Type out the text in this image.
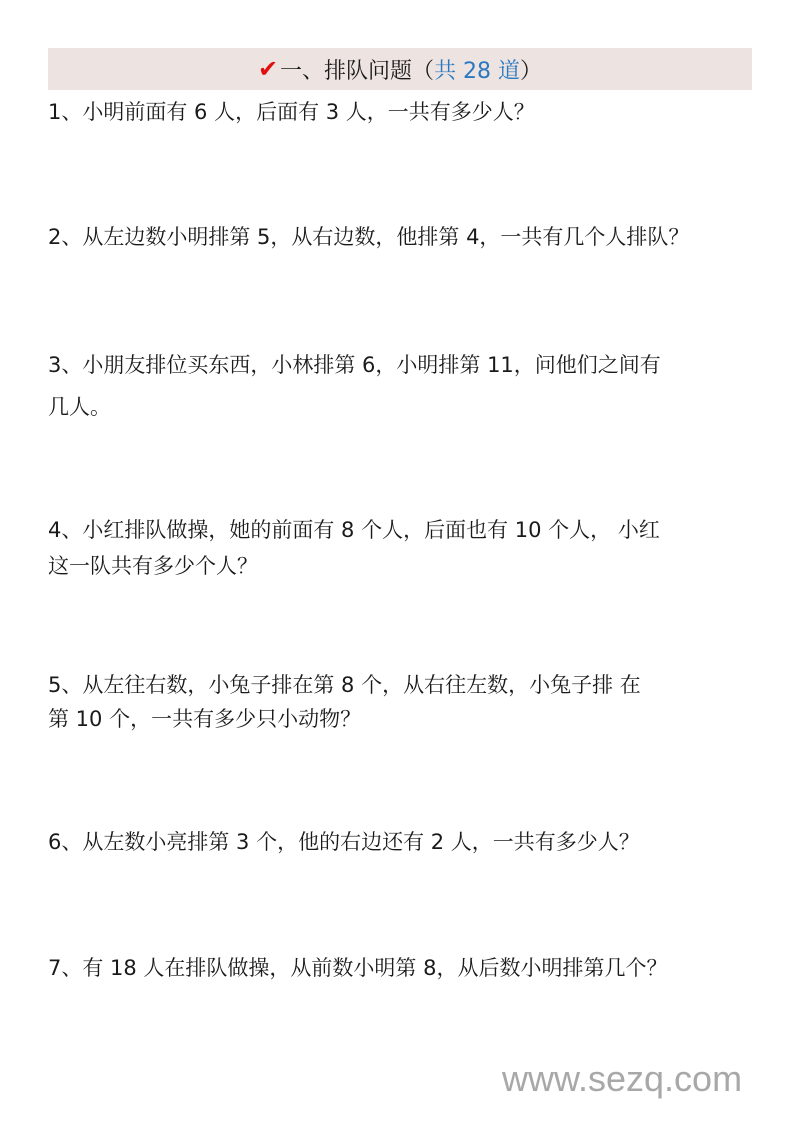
✔ 一、排队问题（ 共 28 道 ）
1、小明前面有 6 人，后面有 3 人，一共有多少人？
2、从左边数小明排第 5，从右边数，他排第 4，一共有几个人排队？
3、小朋友排位买东西，小林排第 6，小明排第 11，问他们之间有
几人。
4、小红排队做操，她的前面有 8 个人，后面也有 10 个人， 小红
这一队共有多少个人？
5、从左往右数，小兔子排在第 8 个，从右往左数，小兔子排 在
第 10 个，一共有多少只小动物？
6、从左数小亮排第 3 个，他的右边还有 2 人，一共有多少人？
7、有 18 人在排队做操，从前数小明第 8，从后数小明排第几个？
www.sezq.com
